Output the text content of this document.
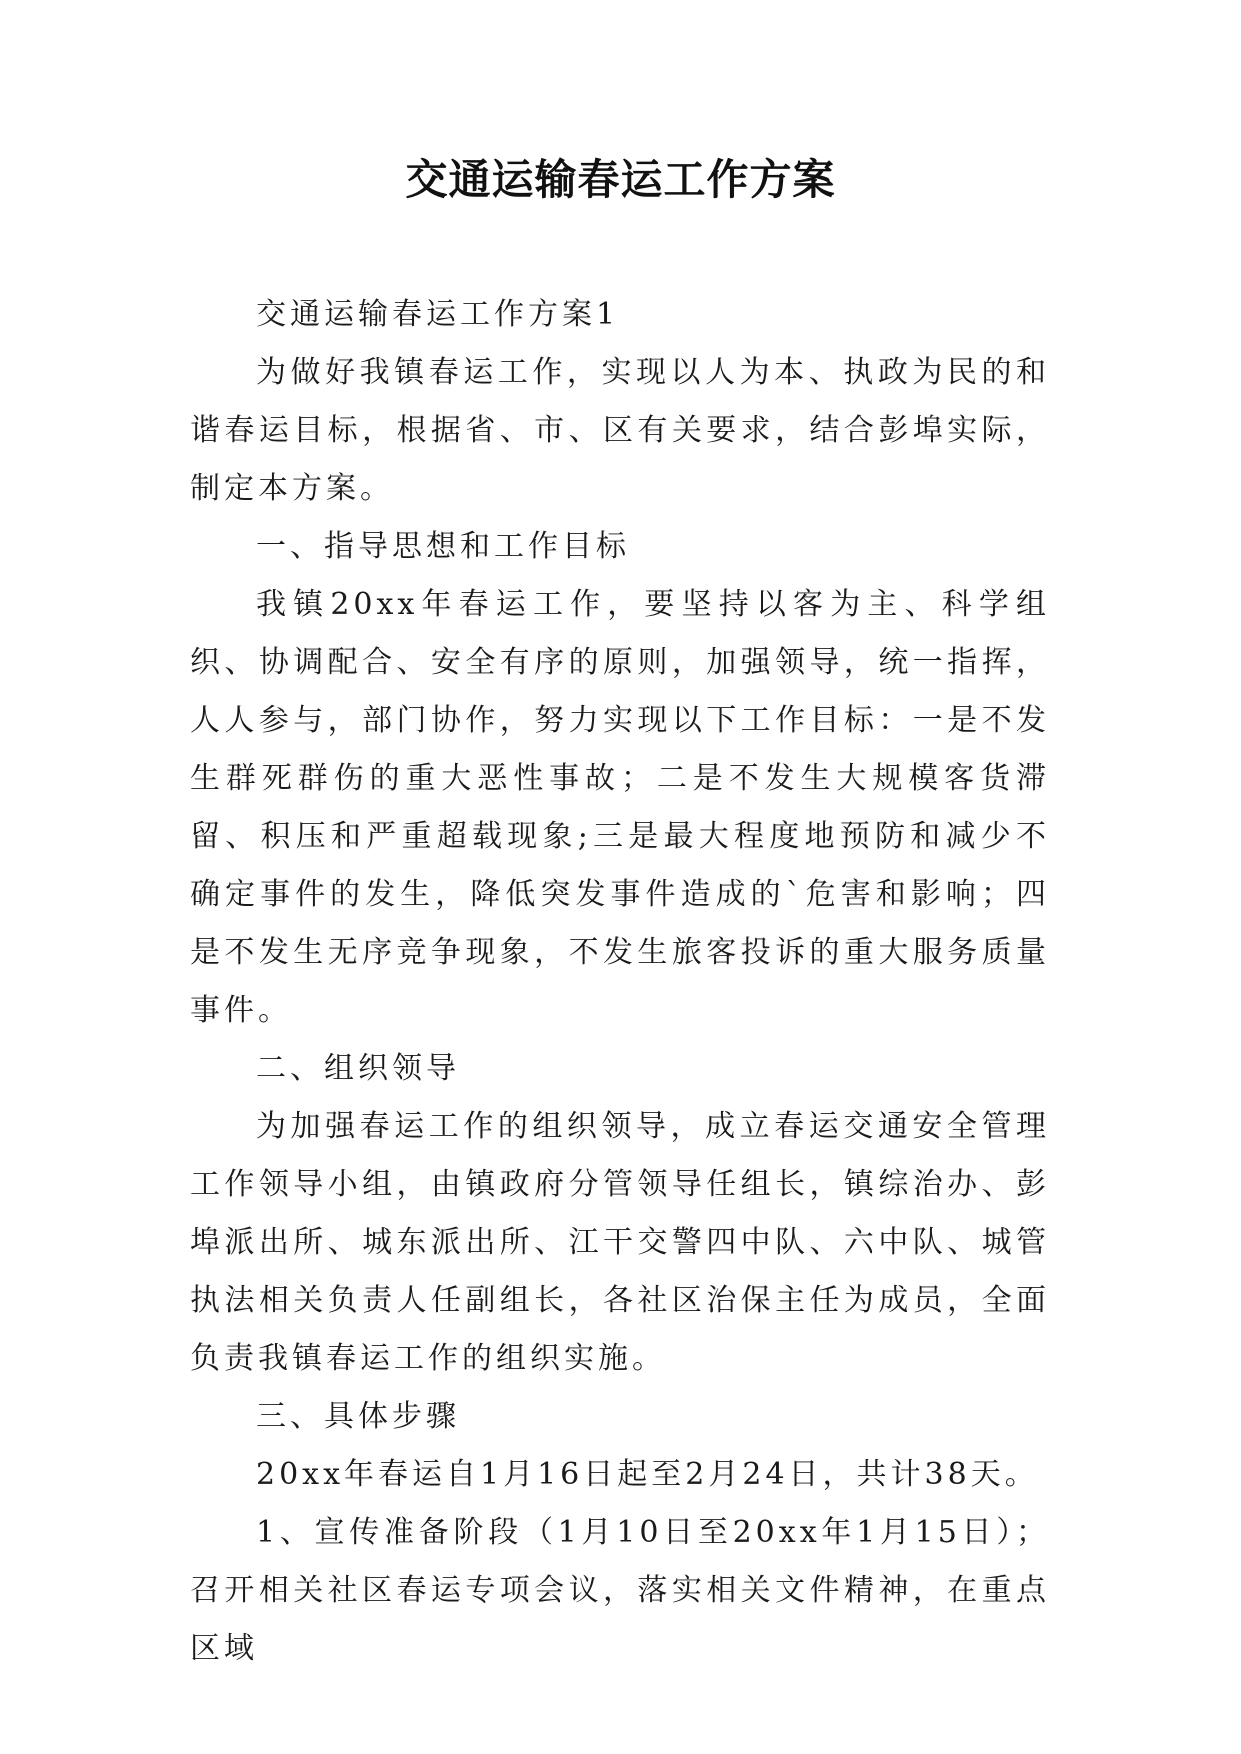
交通运输春运工作方案

交通运输春运工作方案1

为做好我镇春运工作，实现以人为本、执政为民的和谐春运目标，根据省、市、区有关要求，结合彭埠实际，制定本方案。

一、指导思想和工作目标

我镇20xx年春运工作，要坚持以客为主、科学组织、协调配合、安全有序的原则，加强领导，统一指挥，人人参与，部门协作，努力实现以下工作目标：一是不发生群死群伤的重大恶性事故；二是不发生大规模客货滞留、积压和严重超载现象;三是最大程度地预防和减少不确定事件的发生，降低突发事件造成的`危害和影响；四是不发生无序竞争现象，不发生旅客投诉的重大服务质量事件。

二、组织领导

为加强春运工作的组织领导，成立春运交通安全管理工作领导小组，由镇政府分管领导任组长，镇综治办、彭埠派出所、城东派出所、江干交警四中队、六中队、城管执法相关负责人任副组长，各社区治保主任为成员，全面负责我镇春运工作的组织实施。

三、具体步骤

20xx年春运自1月16日起至2月24日，共计38天。

1、宣传准备阶段（1月10日至20xx年1月15日）；召开相关社区春运专项会议，落实相关文件精神，在重点区域
